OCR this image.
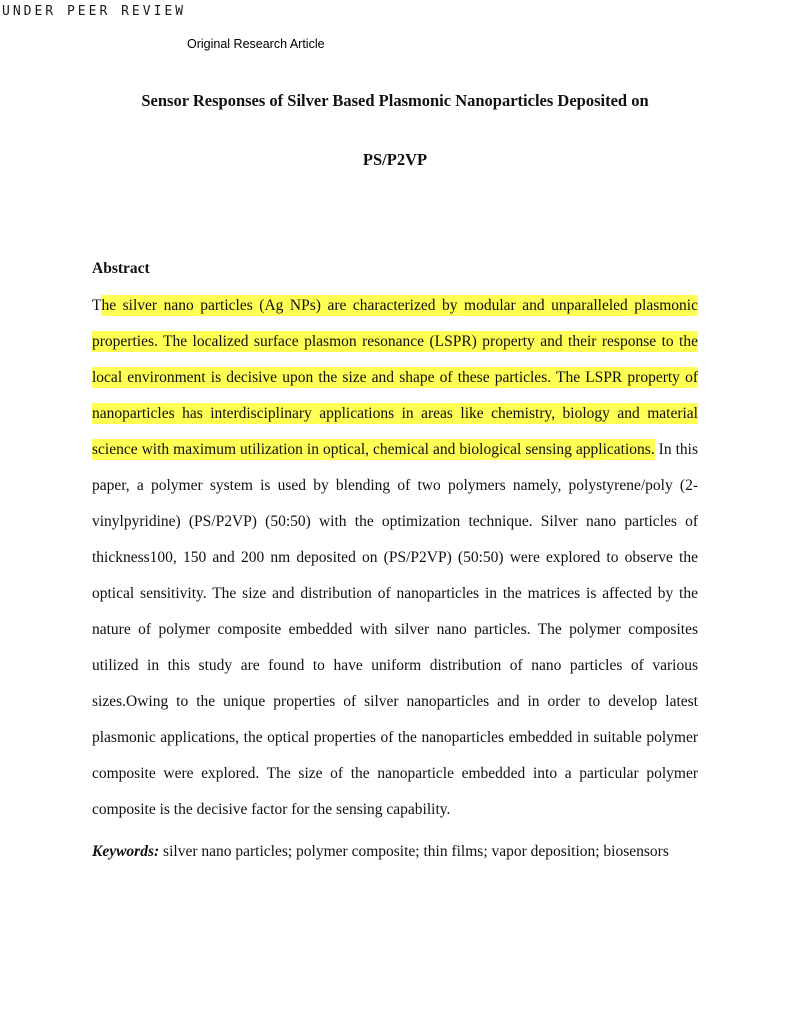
UNDER PEER REVIEW
Original Research Article
Sensor Responses of Silver Based Plasmonic Nanoparticles Deposited on
PS/P2VP
Abstract
The silver nano particles (Ag NPs) are characterized by modular and unparalleled plasmonic properties. The localized surface plasmon resonance (LSPR) property and their response to the local environment is decisive upon the size and shape of these particles. The LSPR property of nanoparticles has interdisciplinary applications in areas like chemistry, biology and material science with maximum utilization in optical, chemical and biological sensing applications. In this paper, a polymer system is used by blending of two polymers namely, polystyrene/poly (2-vinylpyridine) (PS/P2VP) (50:50) with the optimization technique. Silver nano particles of thickness100, 150 and 200 nm deposited on (PS/P2VP) (50:50) were explored to observe the optical sensitivity. The size and distribution of nanoparticles in the matrices is affected by the nature of polymer composite embedded with silver nano particles. The polymer composites utilized in this study are found to have uniform distribution of nano particles of various sizes.Owing to the unique properties of silver nanoparticles and in order to develop latest plasmonic applications, the optical properties of the nanoparticles embedded in suitable polymer composite were explored. The size of the nanoparticle embedded into a particular polymer composite is the decisive factor for the sensing capability.
Keywords: silver nano particles; polymer composite; thin films; vapor deposition; biosensors
